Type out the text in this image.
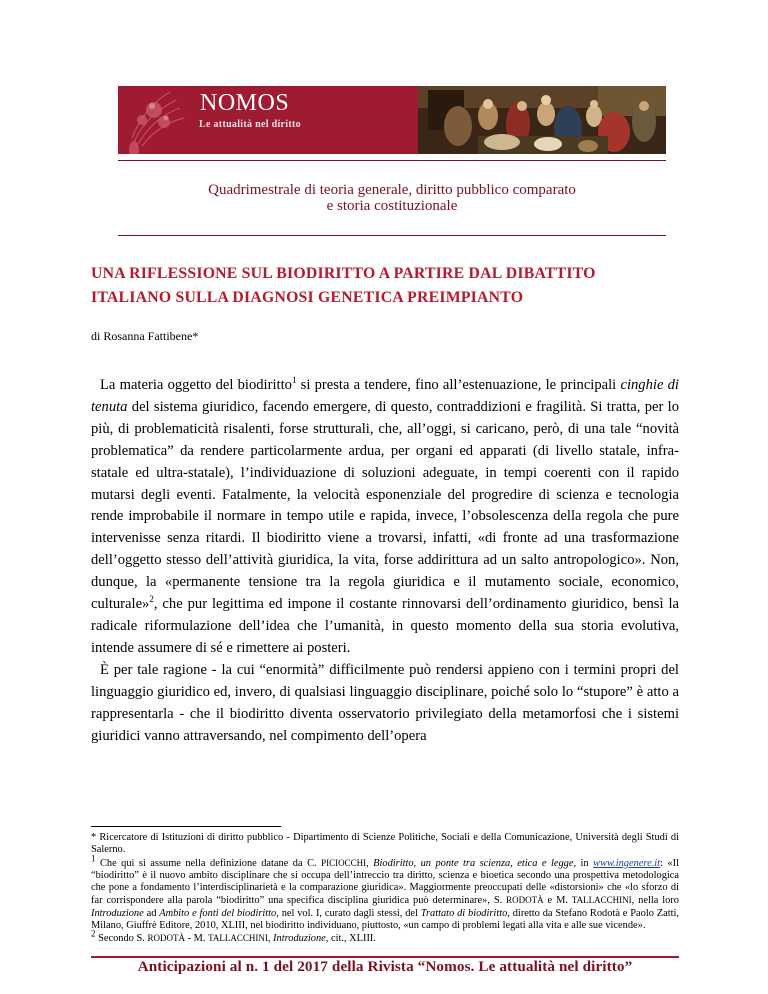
NOMOS
Le attualità nel diritto
Quadrimestrale di teoria generale, diritto pubblico comparato
e storia costituzionale
UNA RIFLESSIONE SUL BIODIRITTO A PARTIRE DAL DIBATTITO
ITALIANO SULLA DIAGNOSI GENETICA PREIMPIANTO
di Rosanna Fattibene*

La materia oggetto del biodiritto$^1$ si presta a tendere, fino all’estenuazione, le principali cinghie di tenuta del sistema giuridico, facendo emergere, di questo, contraddizioni e fragilità. Si tratta, per lo più, di problematicità risalenti, forse strutturali, che, all’oggi, si caricano, però, di una tale “novità problematica” da rendere particolarmente ardua, per organi ed apparati (di livello statale, infra-statale ed ultra-statale), l’individuazione di soluzioni adeguate, in tempi coerenti con il rapido mutarsi degli eventi. Fatalmente, la velocità esponenziale del progredire di scienza e tecnologia rende improbabile il normare in tempo utile e rapida, invece, l’obsolescenza della regola che pure intervenisse senza ritardi. Il biodiritto viene a trovarsi, infatti, «di fronte ad una trasformazione dell’oggetto stesso dell’attività giuridica, la vita, forse addirittura ad un salto antropologico». Non, dunque, la «permanente tensione tra la regola giuridica e il mutamento sociale, economico, culturale»$^2$, che pur legittima ed impone il costante rinnovarsi dell’ordinamento giuridico, bensì la radicale riformulazione dell’idea che l’umanità, in questo momento della sua storia evolutiva, intende assumere di sé e rimettere ai posteri.

È per tale ragione - la cui “enormità” difficilmente può rendersi appieno con i termini propri del linguaggio giuridico ed, invero, di qualsiasi linguaggio disciplinare, poiché solo lo “stupore” è atto a rappresentarla - che il biodiritto diventa osservatorio privilegiato della metamorfosi che i sistemi giuridici vanno attraversando, nel compimento dell’opera

* Ricercatore di Istituzioni di diritto pubblico - Dipartimento di Scienze Politiche, Sociali e della Comunicazione, Università degli Studi di Salerno.

$^1$ Che qui si assume nella definizione datane da C. PICIOCCHI, Biodiritto, un ponte tra scienza, etica e legge, in www.ingenere.it: «Il “biodiritto” è il nuovo ambito disciplinare che si occupa dell’intreccio tra diritto, scienza e bioetica secondo una prospettiva metodologica che pone a fondamento l’interdisciplinarietà e la comparazione giuridica». Maggiormente preoccupati delle «distorsioni» che «lo sforzo di far corrispondere alla parola “biodiritto” una specifica disciplina giuridica può determinare», S. RODOTÀ e M. TALLACCHINI, nella loro Introduzione ad Ambito e fonti del biodiritto, nel vol. I, curato dagli stessi, del Trattato di biodiritto, diretto da Stefano Rodotà e Paolo Zatti, Milano, Giuffrè Editore, 2010, XLIII, nel biodiritto individuano, piuttosto, «un campo di problemi legati alla vita e alle sue vicende».

$^2$ Secondo S. RODOTÀ - M. TALLACCHINI, Introduzione, cit., XLIII.

Anticipazioni al n. 1 del 2017 della Rivista “Nomos. Le attualità nel diritto”
